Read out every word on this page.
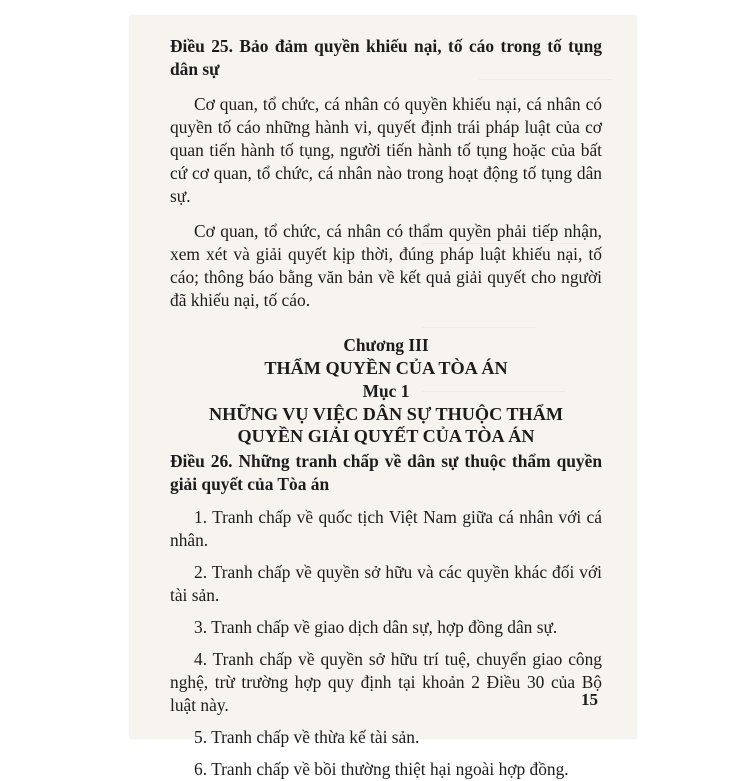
Điều 25. Bảo đảm quyền khiếu nại, tố cáo trong tố tụng dân sự

Cơ quan, tổ chức, cá nhân có quyền khiếu nại, cá nhân có quyền tố cáo những hành vi, quyết định trái pháp luật của cơ quan tiến hành tố tụng, người tiến hành tố tụng hoặc của bất cứ cơ quan, tổ chức, cá nhân nào trong hoạt động tố tụng dân sự.

Cơ quan, tổ chức, cá nhân có thẩm quyền phải tiếp nhận, xem xét và giải quyết kịp thời, đúng pháp luật khiếu nại, tố cáo; thông báo bằng văn bản về kết quả giải quyết cho người đã khiếu nại, tố cáo.

Chương III

THẨM QUYỀN CỦA TÒA ÁN

Mục 1

NHỮNG VỤ VIỆC DÂN SỰ THUỘC THẨM

QUYỀN GIẢI QUYẾT CỦA TÒA ÁN

Điều 26. Những tranh chấp về dân sự thuộc thẩm quyền giải quyết của Tòa án

1. Tranh chấp về quốc tịch Việt Nam giữa cá nhân với cá nhân.

2. Tranh chấp về quyền sở hữu và các quyền khác đối với tài sản.

3. Tranh chấp về giao dịch dân sự, hợp đồng dân sự.

4. Tranh chấp về quyền sở hữu trí tuệ, chuyển giao công nghệ, trừ trường hợp quy định tại khoản 2 Điều 30 của Bộ luật này.

5. Tranh chấp về thừa kế tài sản.

6. Tranh chấp về bồi thường thiệt hại ngoài hợp đồng.

15
